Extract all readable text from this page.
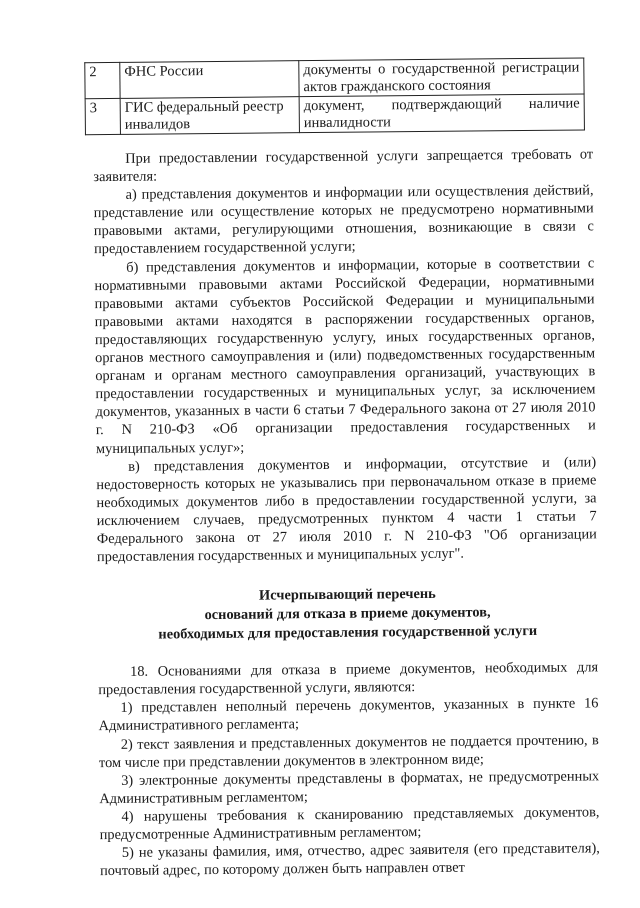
2	ФНС России	документы о государственной регистрации актов гражданского состояния
3	ГИС федеральный реестр инвалидов	документ, подтверждающий наличие инвалидности

При предоставлении государственной услуги запрещается требовать от заявителя:

а) представления документов и информации или осуществления действий, представление или осуществление которых не предусмотрено нормативными правовыми актами, регулирующими отношения, возникающие в связи с предоставлением государственной услуги;

б) представления документов и информации, которые в соответствии с нормативными правовыми актами Российской Федерации, нормативными правовыми актами субъектов Российской Федерации и муниципальными правовыми актами находятся в распоряжении государственных органов, предоставляющих государственную услугу, иных государственных органов, органов местного самоуправления и (или) подведомственных государственным органам и органам местного самоуправления организаций, участвующих в предоставлении государственных и муниципальных услуг, за исключением документов, указанных в части 6 статьи 7 Федерального закона от 27 июля 2010 г. N 210-ФЗ «Об организации предоставления государственных и муниципальных услуг»;

в) представления документов и информации, отсутствие и (или) недостоверность которых не указывались при первоначальном отказе в приеме необходимых документов либо в предоставлении государственной услуги, за исключением случаев, предусмотренных пунктом 4 части 1 статьи 7 Федерального закона от 27 июля 2010 г. N 210-ФЗ "Об организации предоставления государственных и муниципальных услуг".

Исчерпывающий перечень
оснований для отказа в приеме документов,
необходимых для предоставления государственной услуги

18. Основаниями для отказа в приеме документов, необходимых для предоставления государственной услуги, являются:

1) представлен неполный перечень документов, указанных в пункте 16 Административного регламента;

2) текст заявления и представленных документов не поддается прочтению, в том числе при представлении документов в электронном виде;

3) электронные документы представлены в форматах, не предусмотренных Административным регламентом;

4) нарушены требования к сканированию представляемых документов, предусмотренные Административным регламентом;

5) не указаны фамилия, имя, отчество, адрес заявителя (его представителя), почтовый адрес, по которому должен быть направлен ответ
